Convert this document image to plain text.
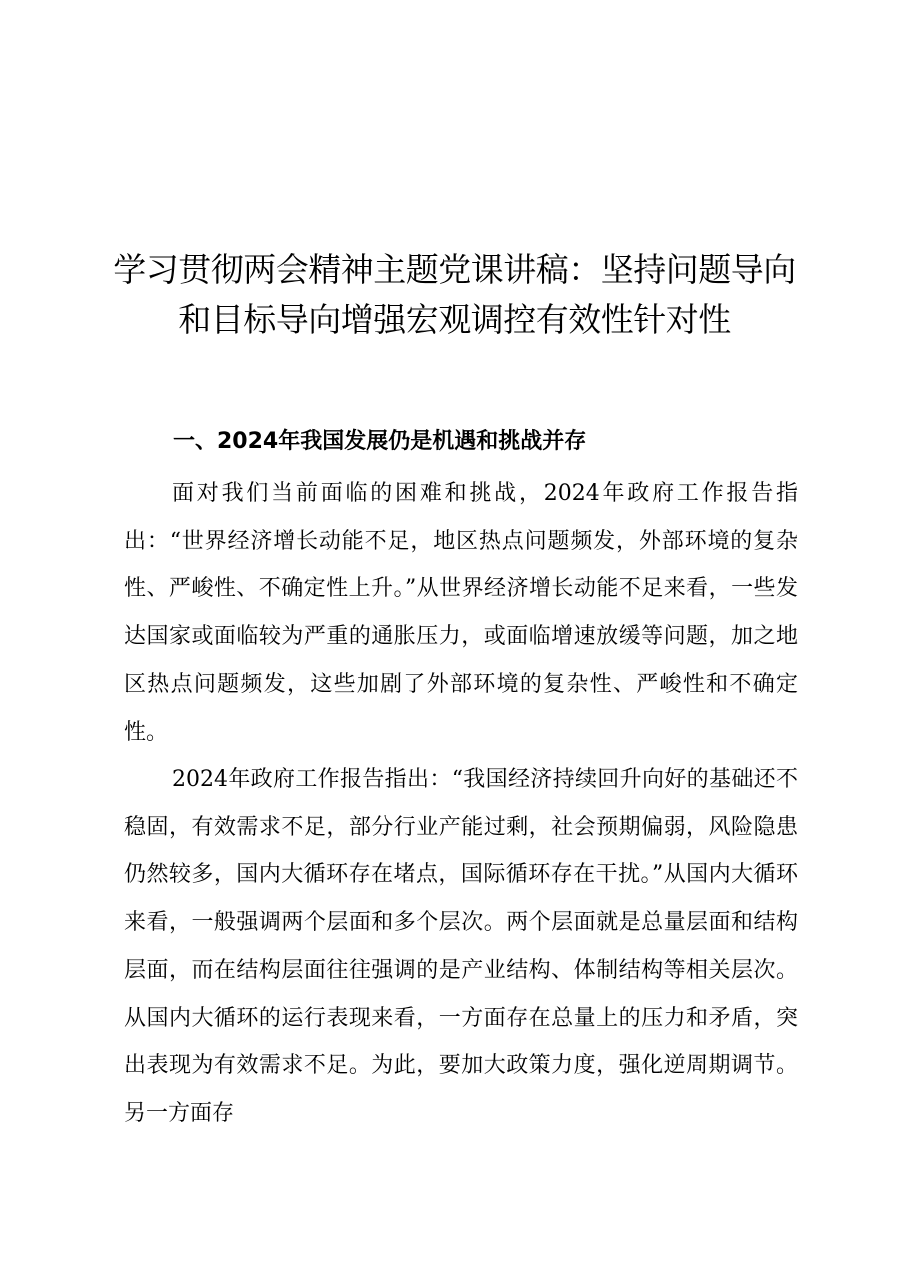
学习贯彻两会精神主题党课讲稿：坚持问题导向和目标导向增强宏观调控有效性针对性
一、2024年我国发展仍是机遇和挑战并存

面对我们当前面临的困难和挑战，2024年政府工作报告指出：“世界经济增长动能不足，地区热点问题频发，外部环境的复杂性、严峻性、不确定性上升。”从世界经济增长动能不足来看，一些发达国家或面临较为严重的通胀压力，或面临增速放缓等问题，加之地区热点问题频发，这些加剧了外部环境的复杂性、严峻性和不确定性。

2024年政府工作报告指出：“我国经济持续回升向好的基础还不稳固，有效需求不足，部分行业产能过剩，社会预期偏弱，风险隐患仍然较多，国内大循环存在堵点，国际循环存在干扰。”从国内大循环来看，一般强调两个层面和多个层次。两个层面就是总量层面和结构层面，而在结构层面往往强调的是产业结构、体制结构等相关层次。从国内大循环的运行表现来看，一方面存在总量上的压力和矛盾，突出表现为有效需求不足。为此，要加大政策力度，强化逆周期调节。另一方面存
